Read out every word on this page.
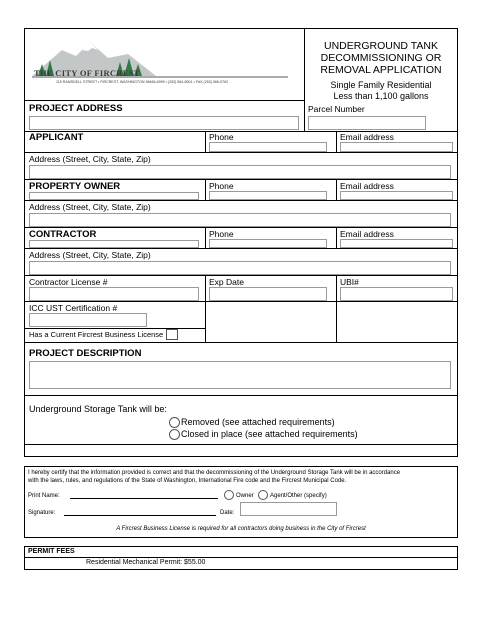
THE CITY OF FIRCREST
115 RAMSDELL STREET • FIRCREST, WASHINGTON 98466-6999 • (253) 564-8901 • FAX (253) 566-0762
UNDERGROUND TANK DECOMMISSIONING OR REMOVAL APPLICATION
Single Family Residential
Less than 1,100 gallons
PROJECT ADDRESS	Parcel Number
APPLICANT	Phone	Email address
Address (Street, City, State, Zip)
PROPERTY OWNER	Phone	Email address
Address (Street, City, State, Zip)
CONTRACTOR	Phone	Email address
Address (Street, City, State, Zip)
Contractor License #	Exp Date	UBI#
ICC UST Certification #
Has a Current Fircrest Business License
PROJECT DESCRIPTION
Underground Storage Tank will be:
Removed (see attached requirements)
Closed in place (see attached requirements)
I hereby certify that the information provided is correct and that the decommissioning of the Underground Storage Tank will be in accordance
with the laws, rules, and regulations of the State of Washington, International Fire code and the Fircrest Municipal Code.
Print Name:	Owner	Agent/Other (specify)
Signature:	Date:
A Fircrest Business License is required for all contractors doing business in the City of Fircrest
PERMIT FEES
Residential Mechanical Permit: $55.00
